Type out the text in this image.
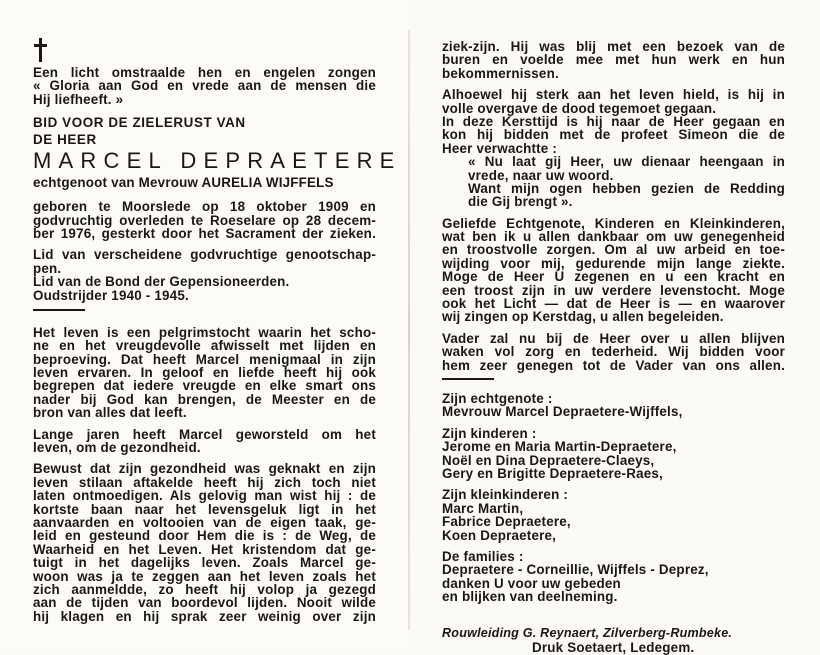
Een licht omstraalde hen en engelen zongen
« Gloria aan God en vrede aan de mensen die
Hij liefheeft. »
BID VOOR DE ZIELERUST VAN
DE HEER
MARCEL DEPRAETERE
echtgenoot van Mevrouw AURELIA WIJFFELS
geboren te Moorslede op 18 oktober 1909 en
godvruchtig overleden te Roeselare op 28 decem-
ber 1976, gesterkt door het Sacrament der zieken.
Lid van verscheidene godvruchtige genootschap-
pen.
Lid van de Bond der Gepensioneerden.
Oudstrijder 1940 - 1945.
Het leven is een pelgrimstocht waarin het scho-
ne en het vreugdevolle afwisselt met lijden en
beproeving. Dat heeft Marcel menigmaal in zijn
leven ervaren. In geloof en liefde heeft hij ook
begrepen dat iedere vreugde en elke smart ons
nader bij God kan brengen, de Meester en de
bron van alles dat leeft.
Lange jaren heeft Marcel geworsteld om het
leven, om de gezondheid.
Bewust dat zijn gezondheid was geknakt en zijn
leven stilaan aftakelde heeft hij zich toch niet
laten ontmoedigen. Als gelovig man wist hij : de
kortste baan naar het levensgeluk ligt in het
aanvaarden en voltooien van de eigen taak, ge-
leid en gesteund door Hem die is : de Weg, de
Waarheid en het Leven. Het kristendom dat ge-
tuigt in het dagelijks leven. Zoals Marcel ge-
woon was ja te zeggen aan het leven zoals het
zich aanmeldde, zo heeft hij volop ja gezegd
aan de tijden van boordevol lijden. Nooit wilde
hij klagen en hij sprak zeer weinig over zijn
ziek-zijn. Hij was blij met een bezoek van de
buren en voelde mee met hun werk en hun
bekommernissen.
Alhoewel hij sterk aan het leven hield, is hij in
volle overgave de dood tegemoet gegaan.
In deze Kersttijd is hij naar de Heer gegaan en
kon hij bidden met de profeet Simeon die de
Heer verwachtte :
« Nu laat gij Heer, uw dienaar heengaan in
vrede, naar uw woord.
Want mijn ogen hebben gezien de Redding
die Gij brengt ».
Geliefde Echtgenote, Kinderen en Kleinkinderen,
wat ben ik u allen dankbaar om uw genegenheid
en troostvolle zorgen. Om al uw arbeid en toe-
wijding voor mij, gedurende mijn lange ziekte.
Moge de Heer U zegenen en u een kracht en
een troost zijn in uw verdere levenstocht. Moge
ook het Licht — dat de Heer is — en waarover
wij zingen op Kerstdag, u allen begeleiden.
Vader zal nu bij de Heer over u allen blijven
waken vol zorg en tederheid. Wij bidden voor
hem zeer genegen tot de Vader van ons allen.
Zijn echtgenote :
Mevrouw Marcel Depraetere-Wijffels,
Zijn kinderen :
Jerome en Maria Martin-Depraetere,
Noël en Dina Depraetere-Claeys,
Gery en Brigitte Depraetere-Raes,
Zijn kleinkinderen :
Marc Martin,
Fabrice Depraetere,
Koen Depraetere,
De families :
Depraetere - Corneillie, Wijffels - Deprez,
danken U voor uw gebeden
en blijken van deelneming.
Rouwleiding G. Reynaert, Zilverberg-Rumbeke.
Druk Soetaert, Ledegem.
